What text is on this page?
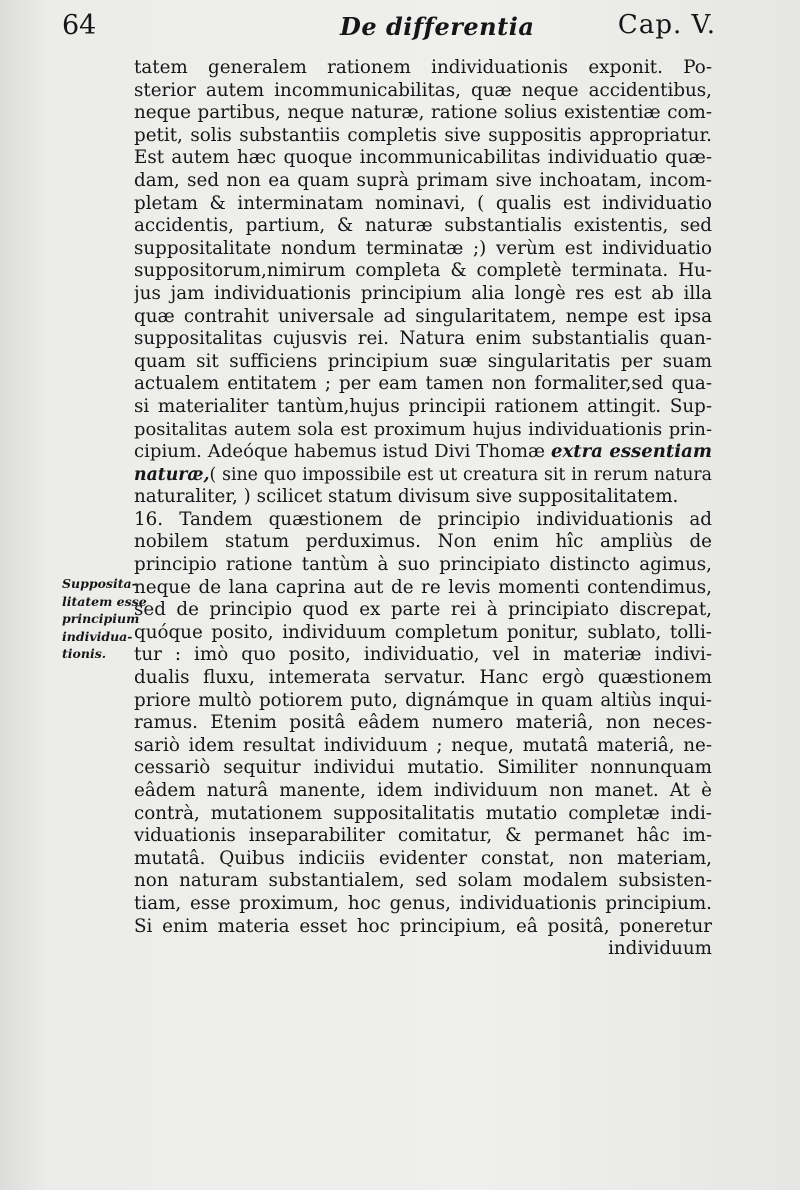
64	De differentia	Cap. V.
Supposita-
litatem esse
principium
individua-
tionis.
tatem generalem rationem individuationis exponit. Po-
sterior autem incommunicabilitas, quæ neque accidentibus,
neque partibus, neque naturæ, ratione solius existentiæ com-
petit, solis substantiis completis sive suppositis appropriatur.
Est autem hæc quoque incommunicabilitas individuatio quæ-
dam, sed non ea quam suprà primam sive inchoatam, incom-
pletam & interminatam nominavi, ( qualis est individuatio
accidentis, partium, & naturæ substantialis existentis, sed
suppositalitate nondum terminatæ ;) verùm est individuatio
suppositorum,nimirum completa & completè terminata. Hu-
jus jam individuationis principium alia longè res est ab illa
quæ contrahit universale ad singularitatem, nempe est ipsa
suppositalitas cujusvis rei. Natura enim substantialis quan-
quam sit sufficiens principium suæ singularitatis per suam
actualem entitatem ; per eam tamen non formaliter,sed qua-
si materialiter tantùm,hujus principii rationem attingit. Sup-
positalitas autem sola est proximum hujus individuationis prin-
cipium. Adeóque habemus istud Divi Thomæ extra essentiam
naturæ,( sine quo impossibile est ut creatura sit in rerum natura
naturaliter, ) scilicet statum divisum sive suppositalitatem.
16. Tandem quæstionem de principio individuationis ad
nobilem statum perduximus. Non enim hîc ampliùs de
principio ratione tantùm à suo principiato distincto agimus,
neque de lana caprina aut de re levis momenti contendimus,
sed de principio quod ex parte rei à principiato discrepat,
quóque posito, individuum completum ponitur, sublato, tolli-
tur : imò quo posito, individuatio, vel in materiæ indivi-
dualis fluxu, intemerata servatur. Hanc ergò quæstionem
priore multò potiorem puto, dignámque in quam altiùs inqui-
ramus. Etenim positâ eâdem numero materiâ, non neces-
sariò idem resultat individuum ; neque, mutatâ materiâ, ne-
cessariò sequitur individui mutatio. Similiter nonnunquam
eâdem naturâ manente, idem individuum non manet. At è
contrà, mutationem suppositalitatis mutatio completæ indi-
viduationis inseparabiliter comitatur, & permanet hâc im-
mutatâ. Quibus indiciis evidenter constat, non materiam,
non naturam substantialem, sed solam modalem subsisten-
tiam, esse proximum, hoc genus, individuationis principium.
Si enim materia esset hoc principium, eâ positâ, poneretur
individuum
